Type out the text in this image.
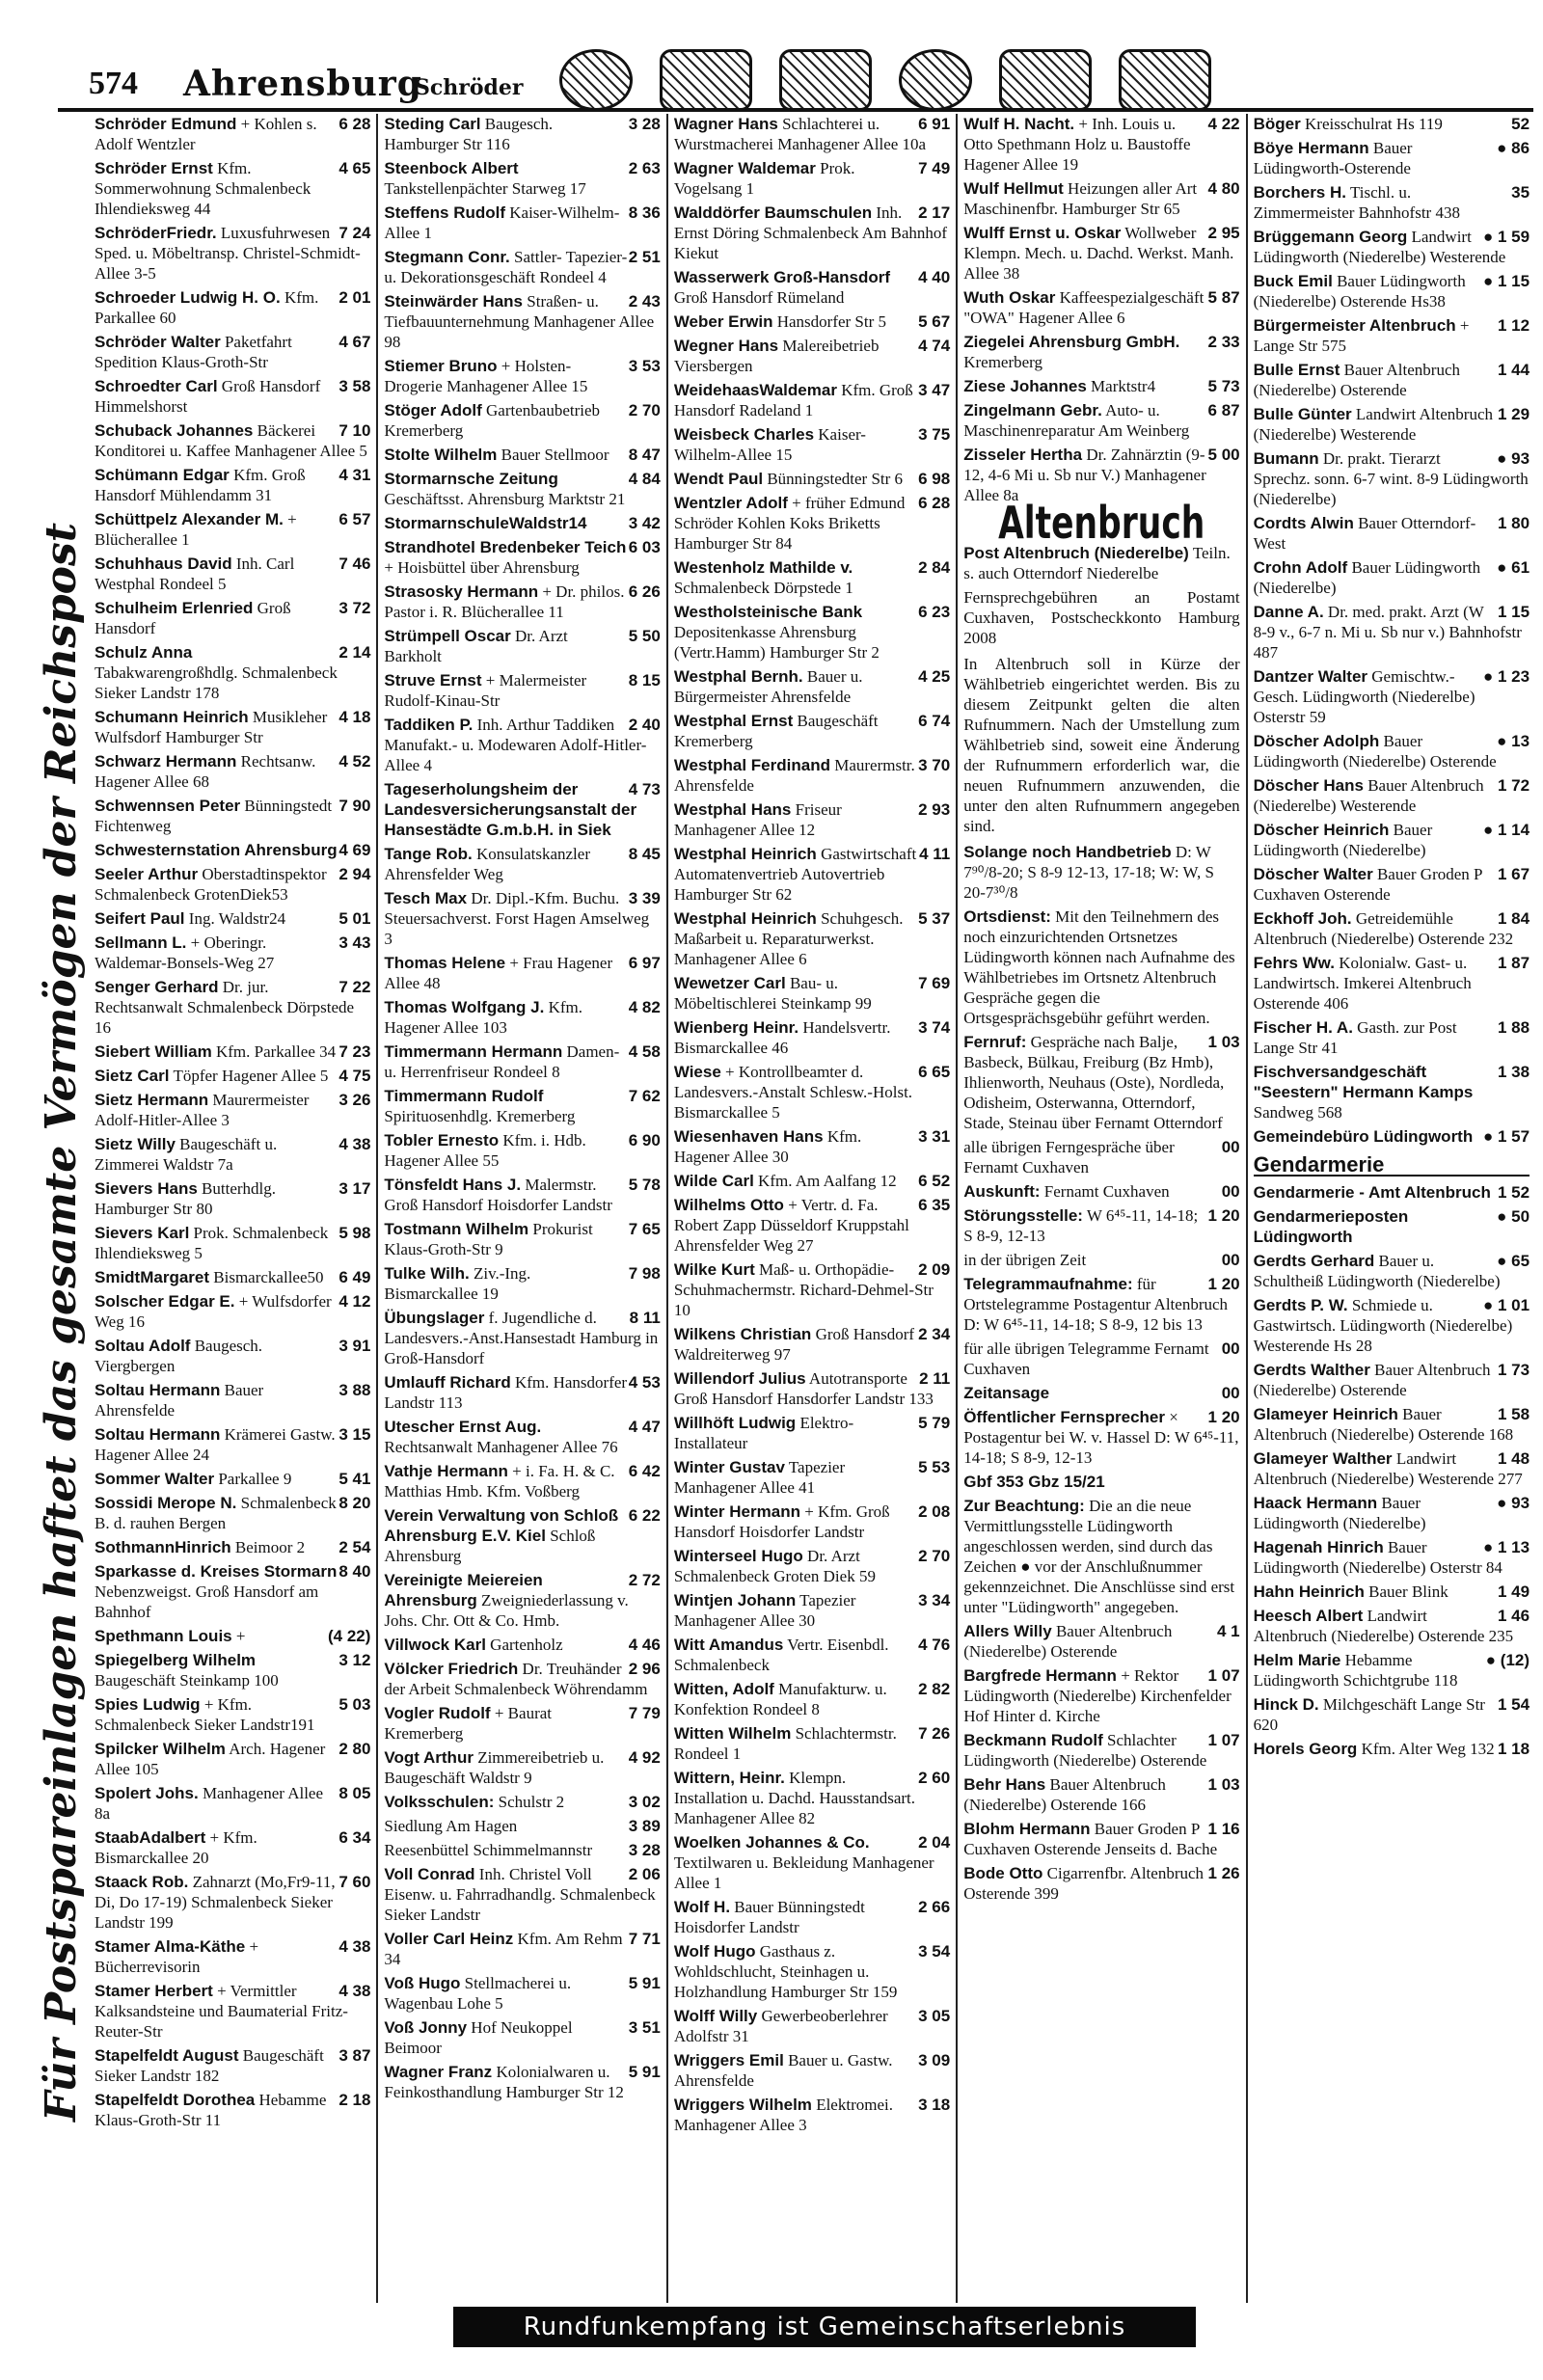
574 Ahrensburg
Schröder
Für Postspareinlagen haftet das gesamte Vermögen der Reichspost
6 28
Schröder Edmund + Kohlen s. Adolf Wentzler
4 65
Schröder Ernst Kfm. Sommerwohnung Schmalenbeck Ihlendieksweg 44
7 24
SchröderFriedr. Luxusfuhrwesen Sped. u. Möbeltransp. Christel-Schmidt-Allee 3-5
2 01
Schroeder Ludwig H. O. Kfm. Parkallee 60
4 67
Schröder Walter Paketfahrt Spedition Klaus-Groth-Str
3 58
Schroedter Carl Groß Hansdorf Himmelshorst
7 10
Schuback Johannes Bäckerei Konditorei u. Kaffee Manhagener Allee 5
4 31
Schümann Edgar Kfm. Groß Hansdorf Mühlendamm 31
6 57
Schüttpelz Alexander M. + Blücherallee 1
7 46
Schuhhaus David Inh. Carl Westphal Rondeel 5
3 72
Schulheim Erlenried Groß Hansdorf
2 14
Schulz Anna Tabakwarengroßhdlg. Schmalenbeck Sieker Landstr 178
4 18
Schumann Heinrich Musikleher Wulfsdorf Hamburger Str
4 52
Schwarz Hermann Rechtsanw. Hagener Allee 68
7 90
Schwennsen Peter Bünningstedt Fichtenweg
4 69
Schwesternstation Ahrensburg
2 94
Seeler Arthur Oberstadtinspektor Schmalenbeck GrotenDiek53
5 01
Seifert Paul Ing. Waldstr24
3 43
Sellmann L. + Oberingr. Waldemar-Bonsels-Weg 27
7 22
Senger Gerhard Dr. jur. Rechtsanwalt Schmalenbeck Dörpstede 16
7 23
Siebert William Kfm. Parkallee 34
4 75
Sietz Carl Töpfer Hagener Allee 5
3 26
Sietz Hermann Maurermeister Adolf-Hitler-Allee 3
4 38
Sietz Willy Baugeschäft u. Zimmerei Waldstr 7a
3 17
Sievers Hans Butterhdlg. Hamburger Str 80
5 98
Sievers Karl Prok. Schmalenbeck Ihlendieksweg 5
6 49
SmidtMargaret Bismarckallee50
4 12
Solscher Edgar E. + Wulfsdorfer Weg 16
3 91
Soltau Adolf Baugesch. Viergbergen
3 88
Soltau Hermann Bauer Ahrensfelde
3 15
Soltau Hermann Krämerei Gastw. Hagener Allee 24
5 41
Sommer Walter Parkallee 9
8 20
Sossidi Merope N. Schmalenbeck B. d. rauhen Bergen
2 54
SothmannHinrich Beimoor 2
8 40
Sparkasse d. Kreises Stormarn Nebenzweigst. Groß Hansdorf am Bahnhof
(4 22)
Spethmann Louis +
3 12
Spiegelberg Wilhelm Baugeschäft Steinkamp 100
5 03
Spies Ludwig + Kfm. Schmalenbeck Sieker Landstr191
2 80
Spilcker Wilhelm Arch. Hagener Allee 105
8 05
Spolert Johs. Manhagener Allee 8a
6 34
StaabAdalbert + Kfm. Bismarckallee 20
7 60
Staack Rob. Zahnarzt (Mo,Fr9-11, Di, Do 17-19) Schmalenbeck Sieker Landstr 199
4 38
Stamer Alma-Käthe + Bücherrevisorin
4 38
Stamer Herbert + Vermittler Kalksandsteine und Baumaterial Fritz-Reuter-Str
3 87
Stapelfeldt August Baugeschäft Sieker Landstr 182
2 18
Stapelfeldt Dorothea Hebamme Klaus-Groth-Str 11
3 28
Steding Carl Baugesch. Hamburger Str 116
2 63
Steenbock Albert Tankstellenpächter Starweg 17
8 36
Steffens Rudolf Kaiser-Wilhelm-Allee 1
2 51
Stegmann Conr. Sattler- Tapezier- u. Dekorationsgeschäft Rondeel 4
2 43
Steinwärder Hans Straßen- u. Tiefbauunternehmung Manhagener Allee 98
3 53
Stiemer Bruno + Holsten-Drogerie Manhagener Allee 15
2 70
Stöger Adolf Gartenbaubetrieb Kremerberg
8 47
Stolte Wilhelm Bauer Stellmoor
4 84
Stormarnsche Zeitung Geschäftsst. Ahrensburg Marktstr 21
3 42
StormarnschuleWaldstr14
6 03
Strandhotel Bredenbeker Teich + Hoisbüttel über Ahrensburg
6 26
Strasosky Hermann + Dr. philos. Pastor i. R. Blücherallee 11
5 50
Strümpell Oscar Dr. Arzt Barkholt
8 15
Struve Ernst + Malermeister Rudolf-Kinau-Str
2 40
Taddiken P. Inh. Arthur Taddiken Manufakt.- u. Modewaren Adolf-Hitler-Allee 4
4 73
Tageserholungsheim der Landesversicherungsanstalt der Hansestädte G.m.b.H. in Siek
8 45
Tange Rob. Konsulatskanzler Ahrensfelder Weg
3 39
Tesch Max Dr. Dipl.-Kfm. Buchu. Steuersachverst. Forst Hagen Amselweg 3
6 97
Thomas Helene + Frau Hagener Allee 48
4 82
Thomas Wolfgang J. Kfm. Hagener Allee 103
4 58
Timmermann Hermann Damen- u. Herrenfriseur Rondeel 8
7 62
Timmermann Rudolf Spirituosenhdlg. Kremerberg
6 90
Tobler Ernesto Kfm. i. Hdb. Hagener Allee 55
5 78
Tönsfeldt Hans J. Malermstr. Groß Hansdorf Hoisdorfer Landstr
7 65
Tostmann Wilhelm Prokurist Klaus-Groth-Str 9
7 98
Tulke Wilh. Ziv.-Ing. Bismarckallee 19
8 11
Übungslager f. Jugendliche d. Landesvers.-Anst.Hansestadt Hamburg in Groß-Hansdorf
4 53
Umlauff Richard Kfm. Hansdorfer Landstr 113
4 47
Utescher Ernst Aug. Rechtsanwalt Manhagener Allee 76
6 42
Vathje Hermann + i. Fa. H. & C. Matthias Hmb. Kfm. Voßberg
6 22
Verein Verwaltung von Schloß Ahrensburg E.V. Kiel Schloß Ahrensburg
2 72
Vereinigte Meiereien Ahrensburg Zweigniederlassung v. Johs. Chr. Ott & Co. Hmb.
4 46
Villwock Karl Gartenholz
2 96
Völcker Friedrich Dr. Treuhänder der Arbeit Schmalenbeck Wöhrendamm
7 79
Vogler Rudolf + Baurat Kremerberg
4 92
Vogt Arthur Zimmereibetrieb u. Baugeschäft Waldstr 9
3 02
Volksschulen: Schulstr 2
3 89
Siedlung Am Hagen
3 28
Reesenbüttel Schimmelmannstr
2 06
Voll Conrad Inh. Christel Voll Eisenw. u. Fahrradhandlg. Schmalenbeck Sieker Landstr
7 71
Voller Carl Heinz Kfm. Am Rehm 34
5 91
Voß Hugo Stellmacherei u. Wagenbau Lohe 5
3 51
Voß Jonny Hof Neukoppel Beimoor
5 91
Wagner Franz Kolonialwaren u. Feinkosthandlung Hamburger Str 12
6 91
Wagner Hans Schlachterei u. Wurstmacherei Manhagener Allee 10a
7 49
Wagner Waldemar Prok. Vogelsang 1
2 17
Walddörfer Baumschulen Inh. Ernst Döring Schmalenbeck Am Bahnhof Kiekut
4 40
Wasserwerk Groß-Hansdorf Groß Hansdorf Rümeland
5 67
Weber Erwin Hansdorfer Str 5
4 74
Wegner Hans Malereibetrieb Viersbergen
3 47
WeidehaasWaldemar Kfm. Groß Hansdorf Radeland 1
3 75
Weisbeck Charles Kaiser-Wilhelm-Allee 15
6 98
Wendt Paul Bünningstedter Str 6
6 28
Wentzler Adolf + früher Edmund Schröder Kohlen Koks Briketts Hamburger Str 84
2 84
Westenholz Mathilde v. Schmalenbeck Dörpstede 1
6 23
Westholsteinische Bank Depositenkasse Ahrensburg (Vertr.Hamm) Hamburger Str 2
4 25
Westphal Bernh. Bauer u. Bürgermeister Ahrensfelde
6 74
Westphal Ernst Baugeschäft Kremerberg
3 70
Westphal Ferdinand Maurermstr. Ahrensfelde
2 93
Westphal Hans Friseur Manhagener Allee 12
4 11
Westphal Heinrich Gastwirtschaft Automatenvertrieb Autovertrieb Hamburger Str 62
5 37
Westphal Heinrich Schuhgesch. Maßarbeit u. Reparaturwerkst. Manhagener Allee 6
7 69
Wewetzer Carl Bau- u. Möbeltischlerei Steinkamp 99
3 74
Wienberg Heinr. Handelsvertr. Bismarckallee 46
6 65
Wiese + Kontrollbeamter d. Landesvers.-Anstalt Schlesw.-Holst. Bismarckallee 5
3 31
Wiesenhaven Hans Kfm. Hagener Allee 30
6 52
Wilde Carl Kfm. Am Aalfang 12
6 35
Wilhelms Otto + Vertr. d. Fa. Robert Zapp Düsseldorf Kruppstahl Ahrensfelder Weg 27
2 09
Wilke Kurt Maß- u. Orthopädie-Schuhmachermstr. Richard-Dehmel-Str 10
2 34
Wilkens Christian Groß Hansdorf Waldreiterweg 97
2 11
Willendorf Julius Autotransporte Groß Hansdorf Hansdorfer Landstr 133
5 79
Willhöft Ludwig Elektro-Installateur
5 53
Winter Gustav Tapezier Manhagener Allee 41
2 08
Winter Hermann + Kfm. Groß Hansdorf Hoisdorfer Landstr
2 70
Winterseel Hugo Dr. Arzt Schmalenbeck Groten Diek 59
3 34
Wintjen Johann Tapezier Manhagener Allee 30
4 76
Witt Amandus Vertr. Eisenbdl. Schmalenbeck
2 82
Witten, Adolf Manufakturw. u. Konfektion Rondeel 8
7 26
Witten Wilhelm Schlachtermstr. Rondeel 1
2 60
Wittern, Heinr. Klempn. Installation u. Dachd. Hausstandsart. Manhagener Allee 82
2 04
Woelken Johannes & Co. Textilwaren u. Bekleidung Manhagener Allee 1
2 66
Wolf H. Bauer Bünningstedt Hoisdorfer Landstr
3 54
Wolf Hugo Gasthaus z. Wohldschlucht, Steinhagen u. Holzhandlung Hamburger Str 159
3 05
Wolff Willy Gewerbeoberlehrer Adolfstr 31
3 09
Wriggers Emil Bauer u. Gastw. Ahrensfelde
3 18
Wriggers Wilhelm Elektromei. Manhagener Allee 3
4 22
Wulf H. Nacht. + Inh. Louis u. Otto Spethmann Holz u. Baustoffe Hagener Allee 19
4 80
Wulf Hellmut Heizungen aller Art Maschinenfbr. Hamburger Str 65
2 95
Wulff Ernst u. Oskar Wollweber Klempn. Mech. u. Dachd. Werkst. Manh. Allee 38
5 87
Wuth Oskar Kaffeespezialgeschäft "OWA" Hagener Allee 6
2 33
Ziegelei Ahrensburg GmbH. Kremerberg
5 73
Ziese Johannes Marktstr4
6 87
Zingelmann Gebr. Auto- u. Maschinenreparatur Am Weinberg
5 00
Zisseler Hertha Dr. Zahnärztin (9-12, 4-6 Mi u. Sb nur V.) Manhagener Allee 8a
Altenbruch
Post Altenbruch (Niederelbe) Teiln. s. auch Otterndorf Niederelbe
Fernsprechgebühren an Postamt Cuxhaven, Postscheckkonto Hamburg 2008
In Altenbruch soll in Kürze der Wählbetrieb eingerichtet werden. Bis zu diesem Zeitpunkt gelten die alten Rufnummern. Nach der Umstellung zum Wählbetrieb sind, soweit eine Änderung der Rufnummern erforderlich war, die neuen Rufnummern anzuwenden, die unter den alten Rufnummern angegeben sind.
Solange noch Handbetrieb D: W 7⁹⁰/8-20; S 8-9 12-13, 17-18; W: W, S 20-7³⁰/8
Ortsdienst: Mit den Teilnehmern des noch einzurichtenden Ortsnetzes Lüdingworth können nach Aufnahme des Wählbetriebes im Ortsnetz Altenbruch Gespräche gegen die Ortsgesprächsgebühr geführt werden.
1 03
Fernruf: Gespräche nach Balje, Basbeck, Bülkau, Freiburg (Bz Hmb), Ihlienworth, Neuhaus (Oste), Nordleda, Odisheim, Osterwanna, Otterndorf, Stade, Steinau über Fernamt Otterndorf
00
alle übrigen Ferngespräche über Fernamt Cuxhaven
00
Auskunft: Fernamt Cuxhaven
1 20
Störungsstelle: W 6⁴⁵-11, 14-18; S 8-9, 12-13
00
in der übrigen Zeit
1 20
Telegrammaufnahme: für Ortstelegramme Postagentur Altenbruch D: W 6⁴⁵-11, 14-18; S 8-9, 12 bis 13
00
für alle übrigen Telegramme Fernamt Cuxhaven
00
Zeitansage
1 20
Öffentlicher Fernsprecher × Postagentur bei W. v. Hassel D: W 6⁴⁵-11, 14-18; S 8-9, 12-13
Gbf 353 Gbz 15/21
Zur Beachtung: Die an die neue Vermittlungsstelle Lüdingworth angeschlossen werden, sind durch das Zeichen ● vor der Anschlußnummer gekennzeichnet. Die Anschlüsse sind erst unter "Lüdingworth" angegeben.
4 1
Allers Willy Bauer Altenbruch (Niederelbe) Osterende
1 07
Bargfrede Hermann + Rektor Lüdingworth (Niederelbe) Kirchenfelder Hof Hinter d. Kirche
1 07
Beckmann Rudolf Schlachter Lüdingworth (Niederelbe) Osterende
1 03
Behr Hans Bauer Altenbruch (Niederelbe) Osterende 166
1 16
Blohm Hermann Bauer Groden P Cuxhaven Osterende Jenseits d. Bache
1 26
Bode Otto Cigarrenfbr. Altenbruch Osterende 399
52
Böger Kreisschulrat Hs 119
● 86
Böye Hermann Bauer Lüdingworth-Osterende
35
Borchers H. Tischl. u. Zimmermeister Bahnhofstr 438
● 1 59
Brüggemann Georg Landwirt Lüdingworth (Niederelbe) Westerende
● 1 15
Buck Emil Bauer Lüdingworth (Niederelbe) Osterende Hs38
1 12
Bürgermeister Altenbruch + Lange Str 575
1 44
Bulle Ernst Bauer Altenbruch (Niederelbe) Osterende
1 29
Bulle Günter Landwirt Altenbruch (Niederelbe) Westerende
● 93
Bumann Dr. prakt. Tierarzt Sprechz. sonn. 6-7 wint. 8-9 Lüdingworth (Niederelbe)
1 80
Cordts Alwin Bauer Otterndorf-West
● 61
Crohn Adolf Bauer Lüdingworth (Niederelbe)
1 15
Danne A. Dr. med. prakt. Arzt (W 8-9 v., 6-7 n. Mi u. Sb nur v.) Bahnhofstr 487
● 1 23
Dantzer Walter Gemischtw.-Gesch. Lüdingworth (Niederelbe) Osterstr 59
● 13
Döscher Adolph Bauer Lüdingworth (Niederelbe) Osterende
1 72
Döscher Hans Bauer Altenbruch (Niederelbe) Westerende
● 1 14
Döscher Heinrich Bauer Lüdingworth (Niederelbe)
1 67
Döscher Walter Bauer Groden P Cuxhaven Osterende
1 84
Eckhoff Joh. Getreidemühle Altenbruch (Niederelbe) Osterende 232
1 87
Fehrs Ww. Kolonialw. Gast- u. Landwirtsch. Imkerei Altenbruch Osterende 406
1 88
Fischer H. A. Gasth. zur Post Lange Str 41
1 38
Fischversandgeschäft "Seestern" Hermann Kamps Sandweg 568
● 1 57
Gemeindebüro Lüdingworth
Gendarmerie
1 52
Gendarmerie - Amt Altenbruch
● 50
Gendarmerieposten Lüdingworth
● 65
Gerdts Gerhard Bauer u. Schultheiß Lüdingworth (Niederelbe)
● 1 01
Gerdts P. W. Schmiede u. Gastwirtsch. Lüdingworth (Niederelbe) Westerende Hs 28
1 73
Gerdts Walther Bauer Altenbruch (Niederelbe) Osterende
1 58
Glameyer Heinrich Bauer Altenbruch (Niederelbe) Osterende 168
1 48
Glameyer Walther Landwirt Altenbruch (Niederelbe) Westerende 277
● 93
Haack Hermann Bauer Lüdingworth (Niederelbe)
● 1 13
Hagenah Hinrich Bauer Lüdingworth (Niederelbe) Osterstr 84
1 49
Hahn Heinrich Bauer Blink
1 46
Heesch Albert Landwirt Altenbruch (Niederelbe) Osterende 235
● (12)
Helm Marie Hebamme Lüdingworth Schichtgrube 118
1 54
Hinck D. Milchgeschäft Lange Str 620
1 18
Horels Georg Kfm. Alter Weg 132
Rundfunkempfang ist Gemeinschaftserlebnis
